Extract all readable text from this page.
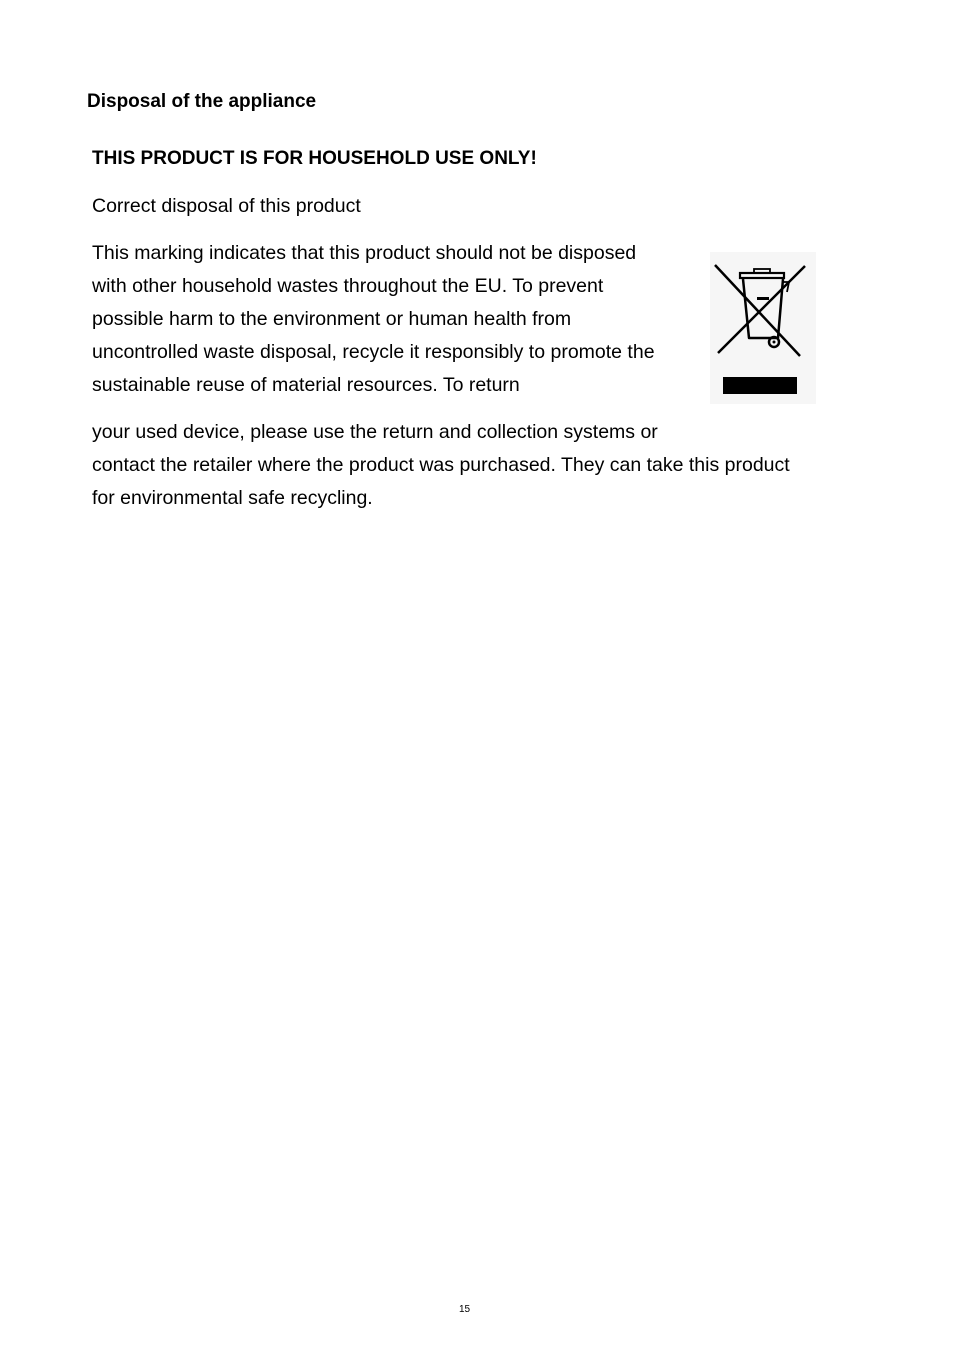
Disposal of the appliance
THIS PRODUCT IS FOR HOUSEHOLD USE ONLY!
Correct disposal of this product
This marking indicates that this product should not be disposed
with other household wastes throughout the EU. To prevent
possible harm to the environment or human health from
uncontrolled waste disposal, recycle it responsibly to promote the
sustainable reuse of material resources. To return
your used device, please use the return and collection systems or
contact the retailer where the product was purchased. They can take this product
for environmental safe recycling.
15
